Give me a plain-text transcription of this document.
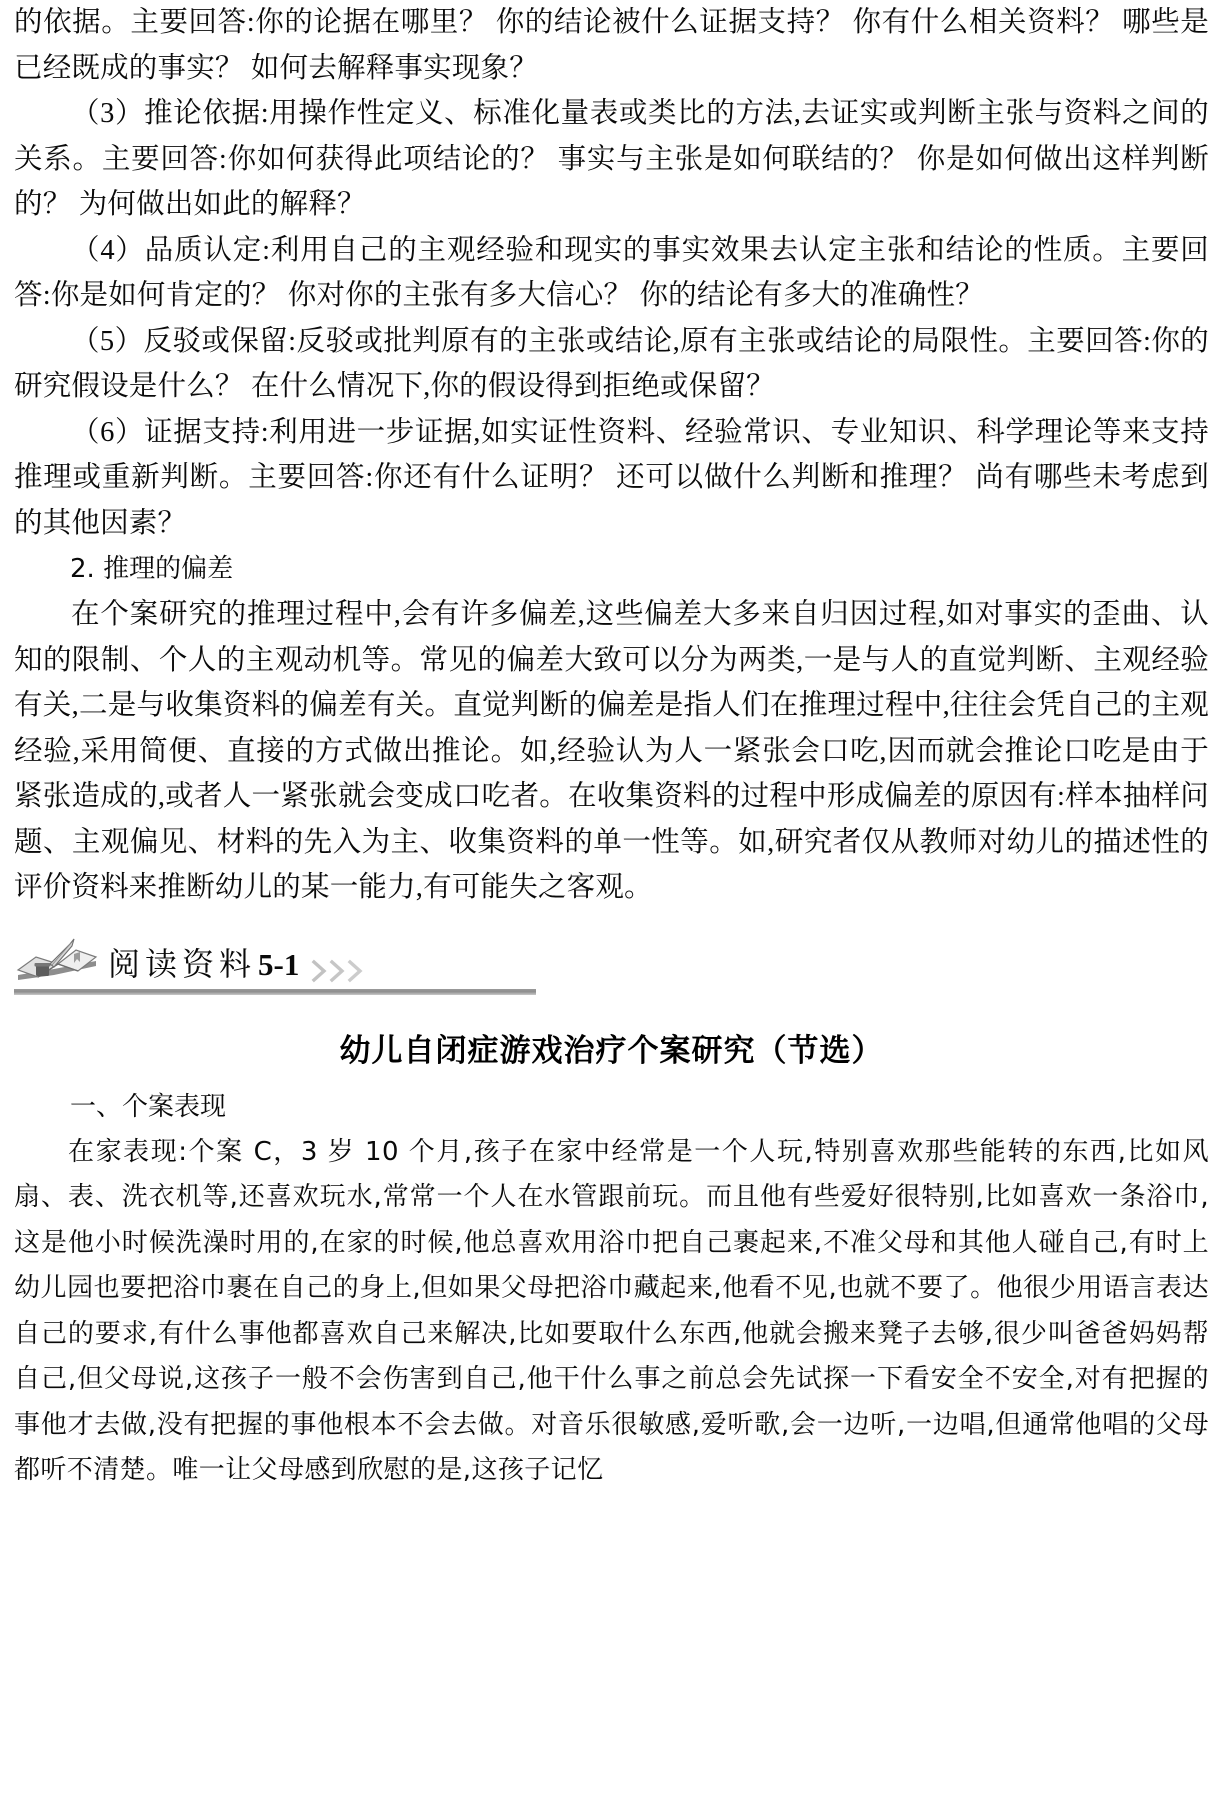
的依据。主要回答:你的论据在哪里？ 你的结论被什么证据支持？ 你有什么相关资料？ 哪些是已经既成的事实？ 如何去解释事实现象？

（3）推论依据:用操作性定义、标准化量表或类比的方法,去证实或判断主张与资料之间的关系。主要回答:你如何获得此项结论的？ 事实与主张是如何联结的？ 你是如何做出这样判断的？ 为何做出如此的解释？

（4）品质认定:利用自己的主观经验和现实的事实效果去认定主张和结论的性质。主要回答:你是如何肯定的？ 你对你的主张有多大信心？ 你的结论有多大的准确性？

（5）反驳或保留:反驳或批判原有的主张或结论,原有主张或结论的局限性。主要回答:你的研究假设是什么？ 在什么情况下,你的假设得到拒绝或保留？

（6）证据支持:利用进一步证据,如实证性资料、经验常识、专业知识、科学理论等来支持推理或重新判断。主要回答:你还有什么证明？ 还可以做什么判断和推理？ 尚有哪些未考虑到的其他因素？

2. 推理的偏差

在个案研究的推理过程中,会有许多偏差,这些偏差大多来自归因过程,如对事实的歪曲、认知的限制、个人的主观动机等。常见的偏差大致可以分为两类,一是与人的直觉判断、主观经验有关,二是与收集资料的偏差有关。直觉判断的偏差是指人们在推理过程中,往往会凭自己的主观经验,采用简便、直接的方式做出推论。如,经验认为人一紧张会口吃,因而就会推论口吃是由于紧张造成的,或者人一紧张就会变成口吃者。在收集资料的过程中形成偏差的原因有:样本抽样问题、主观偏见、材料的先入为主、收集资料的单一性等。如,研究者仅从教师对幼儿的描述性的评价资料来推断幼儿的某一能力,有可能失之客观。

阅读资料5-1
幼儿自闭症游戏治疗个案研究（节选）

一、个案表现

在家表现:个案 C，3 岁 10 个月,孩子在家中经常是一个人玩,特别喜欢那些能转的东西,比如风扇、表、洗衣机等,还喜欢玩水,常常一个人在水管跟前玩。而且他有些爱好很特别,比如喜欢一条浴巾,这是他小时候洗澡时用的,在家的时候,他总喜欢用浴巾把自己裹起来,不准父母和其他人碰自己,有时上幼儿园也要把浴巾裹在自己的身上,但如果父母把浴巾藏起来,他看不见,也就不要了。他很少用语言表达自己的要求,有什么事他都喜欢自己来解决,比如要取什么东西,他就会搬来凳子去够,很少叫爸爸妈妈帮自己,但父母说,这孩子一般不会伤害到自己,他干什么事之前总会先试探一下看安全不安全,对有把握的事他才去做,没有把握的事他根本不会去做。对音乐很敏感,爱听歌,会一边听,一边唱,但通常他唱的父母都听不清楚。唯一让父母感到欣慰的是,这孩子记忆
